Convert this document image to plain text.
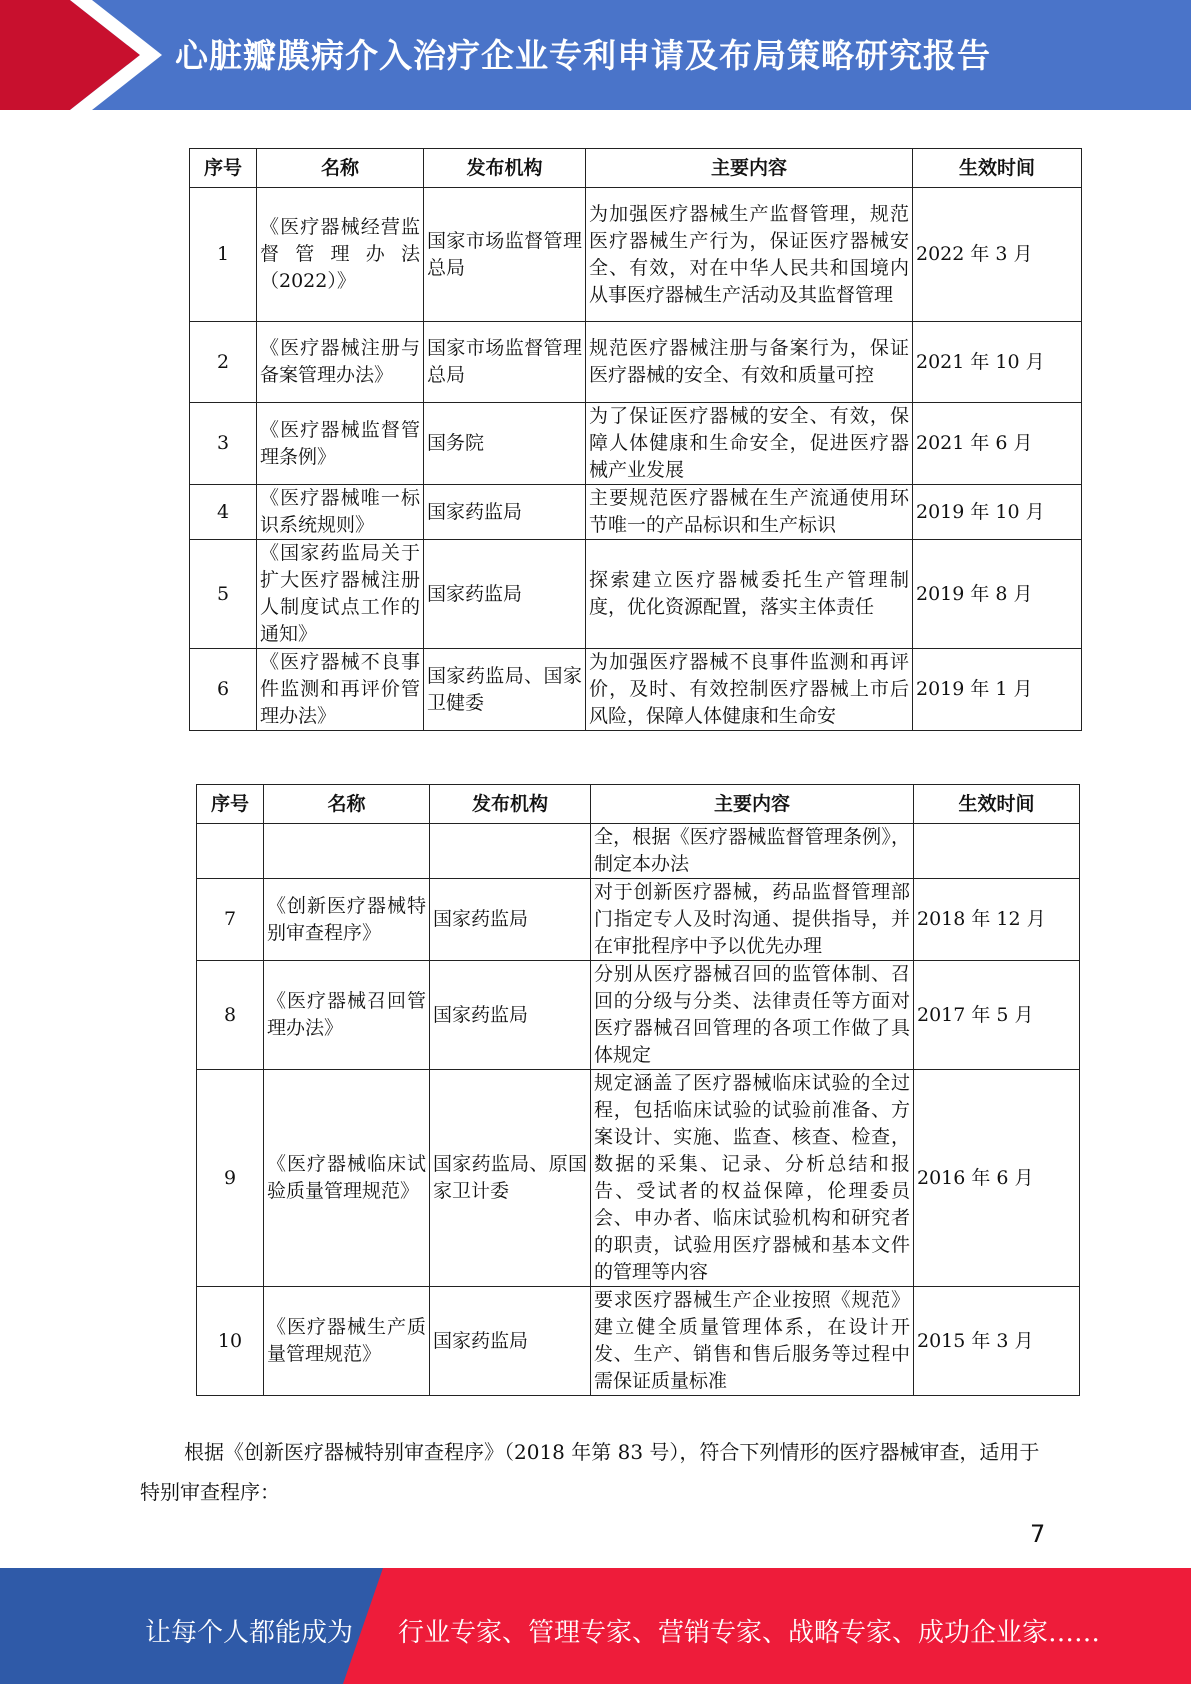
心脏瓣膜病介入治疗企业专利申请及布局策略研究报告
序号	名称	发布机构	主要内容	生效时间
1	《医疗器械经营监督管理办法（2022）》	国家市场监督管理总局	为加强医疗器械生产监督管理，规范医疗器械生产行为，保证医疗器械安全、有效，对在中华人民共和国境内从事医疗器械生产活动及其监督管理	2022 年 3 月
2	《医疗器械注册与备案管理办法》	国家市场监督管理总局	规范医疗器械注册与备案行为，保证医疗器械的安全、有效和质量可控	2021 年 10 月
3	《医疗器械监督管理条例》	国务院	为了保证医疗器械的安全、有效，保障人体健康和生命安全，促进医疗器械产业发展	2021 年 6 月
4	《医疗器械唯一标识系统规则》	国家药监局	主要规范医疗器械在生产流通使用环节唯一的产品标识和生产标识	2019 年 10 月
5	《国家药监局关于扩大医疗器械注册人制度试点工作的通知》	国家药监局	探索建立医疗器械委托生产管理制度，优化资源配置，落实主体责任	2019 年 8 月
6	《医疗器械不良事件监测和再评价管理办法》	国家药监局、国家卫健委	为加强医疗器械不良事件监测和再评价，及时、有效控制医疗器械上市后风险，保障人体健康和生命安	2019 年 1 月
序号	名称	发布机构	主要内容	生效时间
			全，根据《医疗器械监督管理条例》，制定本办法	
7	《创新医疗器械特别审查程序》	国家药监局	对于创新医疗器械，药品监督管理部门指定专人及时沟通、提供指导，并在审批程序中予以优先办理	2018 年 12 月
8	《医疗器械召回管理办法》	国家药监局	分别从医疗器械召回的监管体制、召回的分级与分类、法律责任等方面对医疗器械召回管理的各项工作做了具体规定	2017 年 5 月
9	《医疗器械临床试验质量管理规范》	国家药监局、原国家卫计委	规定涵盖了医疗器械临床试验的全过程，包括临床试验的试验前准备、方案设计、实施、监查、核查、检查，数据的采集、记录、分析总结和报告、受试者的权益保障，伦理委员会、申办者、临床试验机构和研究者的职责，试验用医疗器械和基本文件的管理等内容	2016 年 6 月
10	《医疗器械生产质量管理规范》	国家药监局	要求医疗器械生产企业按照《规范》建立健全质量管理体系，在设计开发、生产、销售和售后服务等过程中需保证质量标准	2015 年 3 月

根据《创新医疗器械特别审查程序》（2018 年第 83 号），符合下列情形的医疗器械审查，适用于特别审查程序：

7
让每个人都能成为 行业专家、管理专家、营销专家、战略专家、成功企业家……
